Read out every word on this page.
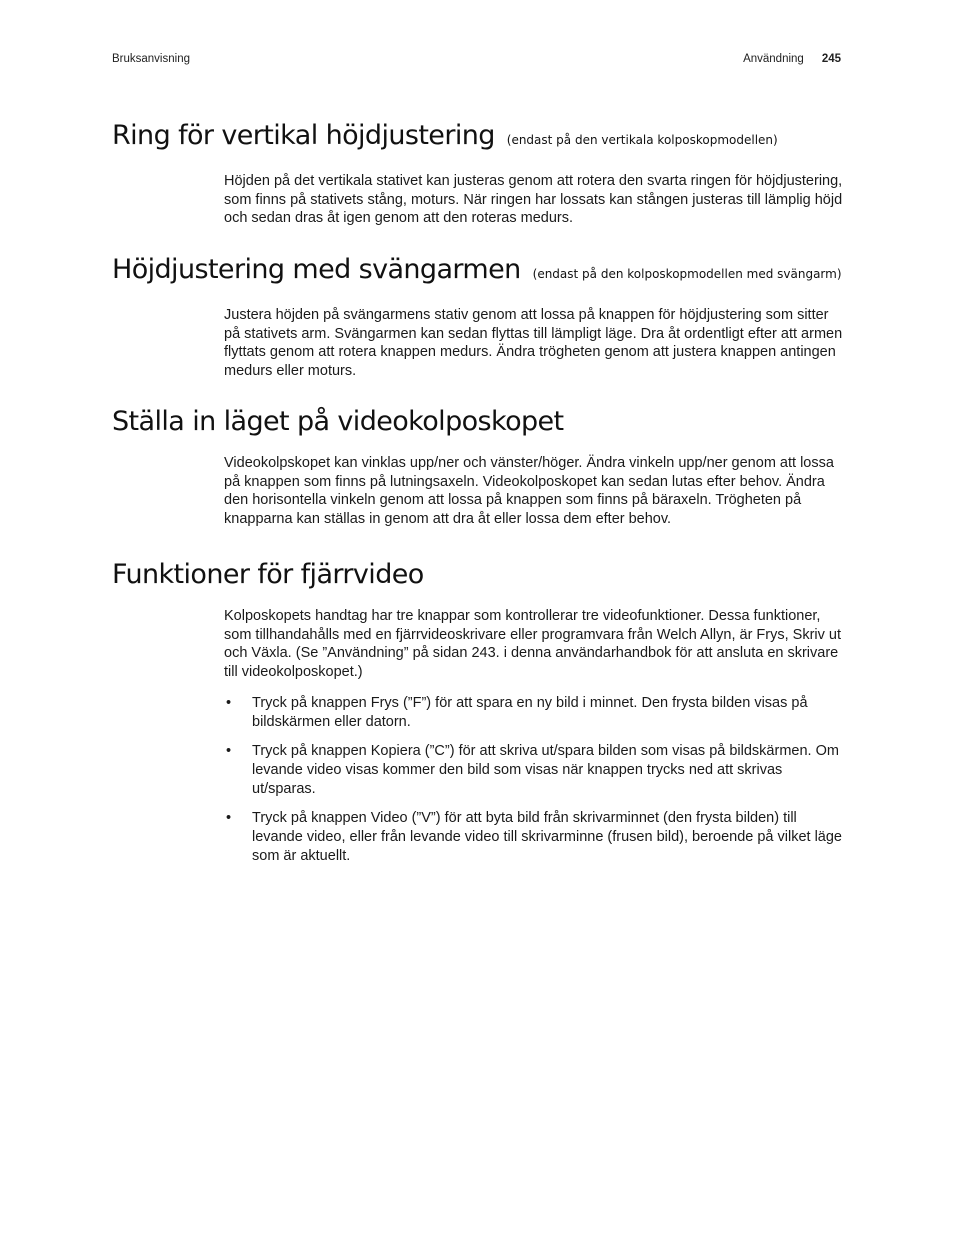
Bruksanvisning	Användning 245
Ring för vertikal höjdjustering (endast på den vertikala kolposkopmodellen)

Höjden på det vertikala stativet kan justeras genom att rotera den svarta ringen för höjdjustering, som finns på stativets stång, moturs. När ringen har lossats kan stången justeras till lämplig höjd och sedan dras åt igen genom att den roteras medurs.

Höjdjustering med svängarmen (endast på den kolposkopmodellen med svängarm)

Justera höjden på svängarmens stativ genom att lossa på knappen för höjdjustering som sitter på stativets arm. Svängarmen kan sedan flyttas till lämpligt läge. Dra åt ordentligt efter att armen flyttats genom att rotera knappen medurs. Ändra trögheten genom att justera knappen antingen medurs eller moturs.

Ställa in läget på videokolposkopet

Videokolpskopet kan vinklas upp/ner och vänster/höger. Ändra vinkeln upp/ner genom att lossa på knappen som finns på lutningsaxeln. Videokolposkopet kan sedan lutas efter behov. Ändra den horisontella vinkeln genom att lossa på knappen som finns på bäraxeln. Trögheten på knapparna kan ställas in genom att dra åt eller lossa dem efter behov.

Funktioner för fjärrvideo

Kolposkopets handtag har tre knappar som kontrollerar tre videofunktioner. Dessa funktioner, som tillhandahålls med en fjärrvideoskrivare eller programvara från Welch Allyn, är Frys, Skriv ut och Växla. (Se ”Användning” på sidan 243. i denna användarhandbok för att ansluta en skrivare till videokolposkopet.)

• Tryck på knappen Frys (”F”) för att spara en ny bild i minnet. Den frysta bilden visas på bildskärmen eller datorn.
• Tryck på knappen Kopiera (”C”) för att skriva ut/spara bilden som visas på bildskärmen. Om levande video visas kommer den bild som visas när knappen trycks ned att skrivas ut/sparas.
• Tryck på knappen Video (”V”) för att byta bild från skrivarminnet (den frysta bilden) till levande video, eller från levande video till skrivarminne (frusen bild), beroende på vilket läge som är aktuellt.
